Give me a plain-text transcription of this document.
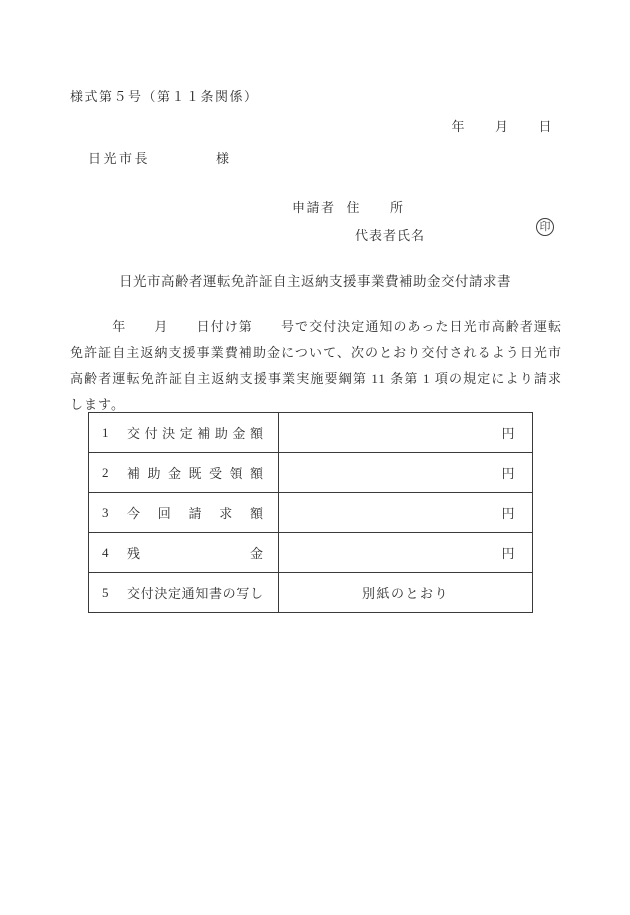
様式第５号（第１１条関係）
年　　月　　日
日光市長	様
申請者 住　　所
代表者氏名
印
日光市高齢者運転免許証自主返納支援事業費補助金交付請求書
　　　年　　月　　日付け第　　号で交付決定通知のあった日光市高齢者運転免許証自主返納支援事業費補助金について、次のとおり交付されるよう日光市高齢者運転免許証自主返納支援事業実施要綱第 11 条第 1 項の規定により請求します。
1 交付決定補助金額	円
2 補助金既受領額	円
3 今回請求額	円
4 残金	円
5 交付決定通知書の写し	別紙のとおり
